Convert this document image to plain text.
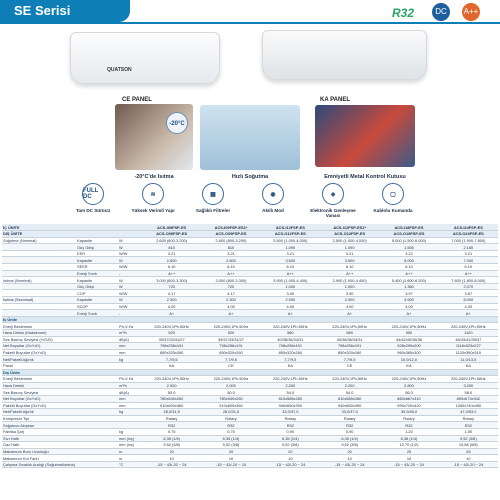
SE Serisi	R32	DC	A++
QUATSON
CE PANEL	KA PANEL
-20°C
-20°C'de Isıtma	Hızlı Soğutma	Emniyetli Metal Kontrol Kutusu
FULL DC	≋	▦	◉	◈	▢
Tam DC Sürücü	Yüksek Verimli Yapı	Sağlıklı Filtreler	Akıllı Mod	Elektronik Genleşme Vanası
Kablolu Kumanda
İÇ ÜNİTE			ACS-I09FSP-ES	ACS-I09FSP-ES1*	ACS-I12FSP-ES	ACS-I12FSP-ES1*	ACS-I18FSP-ES	ACS-I24FSP-ES
DIŞ ÜNİTE			ACS-O09FSP-ES	ACS-O09FSP-ES	ACS-O12FSP-ES	ACS-O12FSP-ES	ACS-O18FSP-ES	ACS-O24FSP-ES
Soğutma (Nominal)	Kapasite	W	2.600 (800-3.200)	2.600 (800-3.200)	3.500 (1.000-4.000)	3.500 (1.000-4.000)	5.000 (1.500-6.000)	7.000 (1.900-7.800)
	Güç Girişi	W	810	810	1.090	1.090	1.555	2.180
	EER	W/W	3.21	3.21	3.21	3.21	3.22	3.21
	Kapasite	W	2.600	2.600	3.500	3.500	5.000	7.000
	SEER	W/W	6.10	6.10	6.10	6.10	6.10	6.10
	Enerji Sınıfı	-	A++	A++	A++	A++	A++	A++
Isıtma (Nominal)	Kapasite	W	3.000 (800-3.300)	3.000 (800-3.300)	3.900 (1.000-4.400)	3.900 (1.000-4.400)	5.400 (1.600-6.200)	7.600 (1.800-8.000)
	Güç Girişi	W	720	720	1.000	1.000	1.360	2.070
	COP	W/W	4.17	4.17	3.90	3.90	3.97	3.67
Isıtma (Sezonsal)	Kapasite	W	2.300	2.300	2.900	2.900	3.900	5.000
	SCOP	W/W	4.00	4.00	4.00	4.00	4.00	4.00
	Enerji Sınıfı	-	A+	A+	A+	A+	A+	A+
İç Ünite								
Enerji Beslemesi		Ph-V-Hz	220-240V,1Ph,50Hz	220-240V,1Ph,50Hz	220-240V,1Ph,50Hz	220-240V,1Ph,50Hz	220-240V,1Ph,50Hz	220-240V,1Ph,50Hz
Hava Debisi (Maksimum)		m³/h	520	520	580	580	950	1100
Ses Basınç Seviyesi (Y/O/D)		dB(A)	39/37/33/31/27	39/37/33/31/27	40/38/36/34/31	40/38/36/34/31	44/42/40/38/36	45/43/41/39/37
Net Boyutlar (GxYxD)		mm	798x256x191	798x256x191	798x256x191	798x256x191	928x290x200	1116x325x227
Paketli Boyutlar (GxYxD)		mm	850x320x260	850x320x260	850x320x260	850x320x260	960x365x300	1120x390x315
Net/Paketli Ağırlık		kg	7,7/9,5	7,7/9,5	7,7/9,5	7,7/9,5	10,0/12,0	11,0/13,5
Panel			KA	CE	KA	CE	KA	KA
Dış Ünite								
Enerji Beslemesi		Ph-V-Hz	220-240V,1Ph,50Hz	220-240V,1Ph,50Hz	220-240V,1Ph,50Hz	220-240V,1Ph,50Hz	220-240V,1Ph,50Hz	220-240V,1Ph,50Hz
Hava Debisi		m³/h	2.000	2.000	2.200	2.200	2.800	3.200
Ses Basınç Seviyesi		dB(A)	50.0	50.0	54.0	54.0	56.0	58.0
Net Boyutlar (GxYxD)		mm	780x540x260	780x540x260	810x585x280	810x585x280	860x667x310	890x673x342
Paketli Boyutlar (GxYxD)		mm	910x600x360	910x600x360	940x650x390	940x650x390	995x720x420	1050x740x450
Net/Paketli Ağırlık		kg	28,0/31,5	28,0/31,5	33,0/37,0	33,0/37,0	39,0/45,0	47,0/53,0
Kompresör Tipi			Rotary	Rotary	Rotary	Rotary	Rotary	Rotary
Soğutucu Akışkan			R32	R32	R32	R32	R32	R32
Fabrika Şarj		kg	0,75	0,75	0,90	0,90	1,20	1,50
Sıvı Hattı		mm (inç)	6,35 (1/4)	6,35 (1/4)	6,35 (1/4)	6,35 (1/4)	6,35 (1/4)	9,52 (3/8)
Gaz Hattı		mm (inç)	9,52 (3/8)	9,52 (3/8)	9,52 (3/8)	9,52 (3/8)	12,70 (1/2)	15,88 (5/8)
Maksimum Boru Uzunluğu		m	20	20	20	20	25	25
Maksimum Kot Farkı		m	10	10	10	10	10	10
Çalışma Sıcaklık Aralığı (Soğutma/Isıtma)		°C	-15 ~ 43/-20 ~ 24	-15 ~ 43/-20 ~ 24	-15 ~ 43/-20 ~ 24	-15 ~ 43/-20 ~ 24	-15 ~ 43/-20 ~ 24	-15 ~ 43/-20 ~ 24
